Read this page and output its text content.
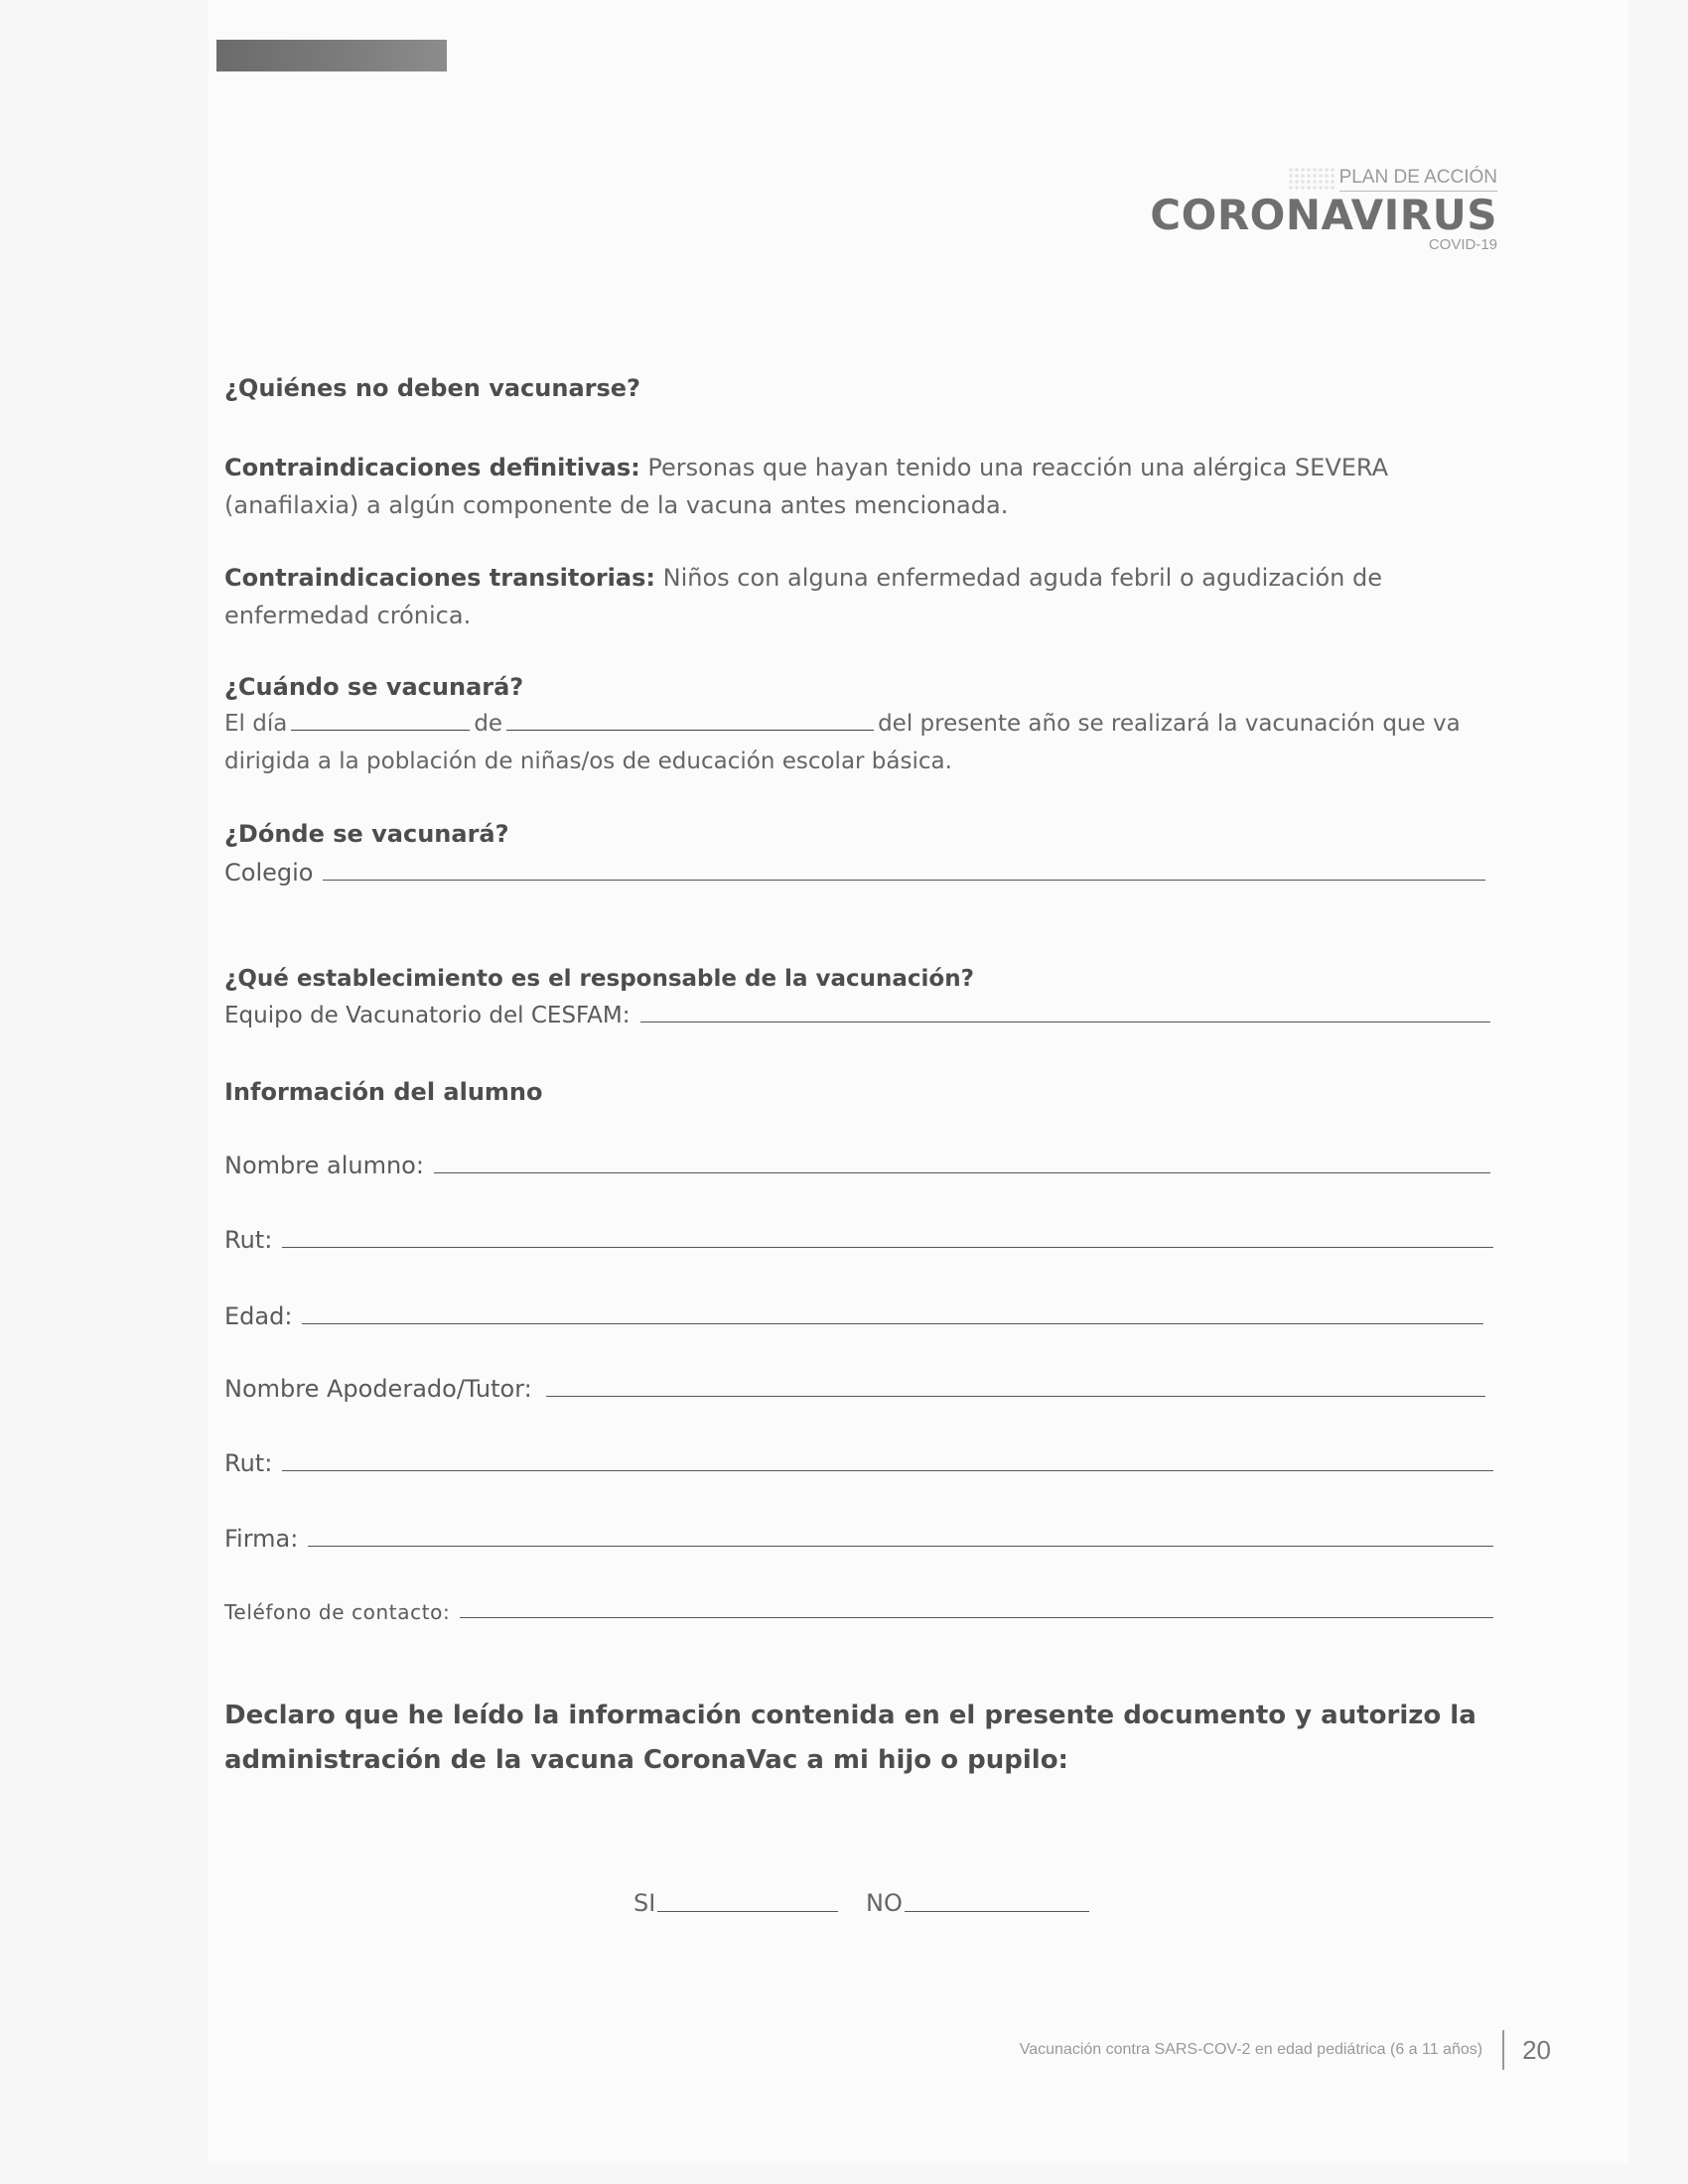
PLAN DE ACCIÓN
CORONAVIRUS
COVID-19
¿Quiénes no deben vacunarse?
Contraindicaciones definitivas: Personas que hayan tenido una reacción una alérgica SEVERA (anafilaxia) a algún componente de la vacuna antes mencionada.
Contraindicaciones transitorias: Niños con alguna enfermedad aguda febril o agudización de enfermedad crónica.
¿Cuándo se vacunará?
El día	de	del presente año se realizará la vacunación que va dirigida a la población de niñas/os de educación escolar básica.
¿Dónde se vacunará?
Colegio
¿Qué establecimiento es el responsable de la vacunación?
Equipo de Vacunatorio del CESFAM:
Información del alumno
Nombre alumno:
Rut:
Edad:
Nombre Apoderado/Tutor:
Rut:
Firma:
Teléfono de contacto:
Declaro que he leído la información contenida en el presente documento y autorizo la administración de la vacuna CoronaVac a mi hijo o pupilo:
SI	NO
Vacunación contra SARS-COV-2 en edad pediátrica (6 a 11 años)	20
